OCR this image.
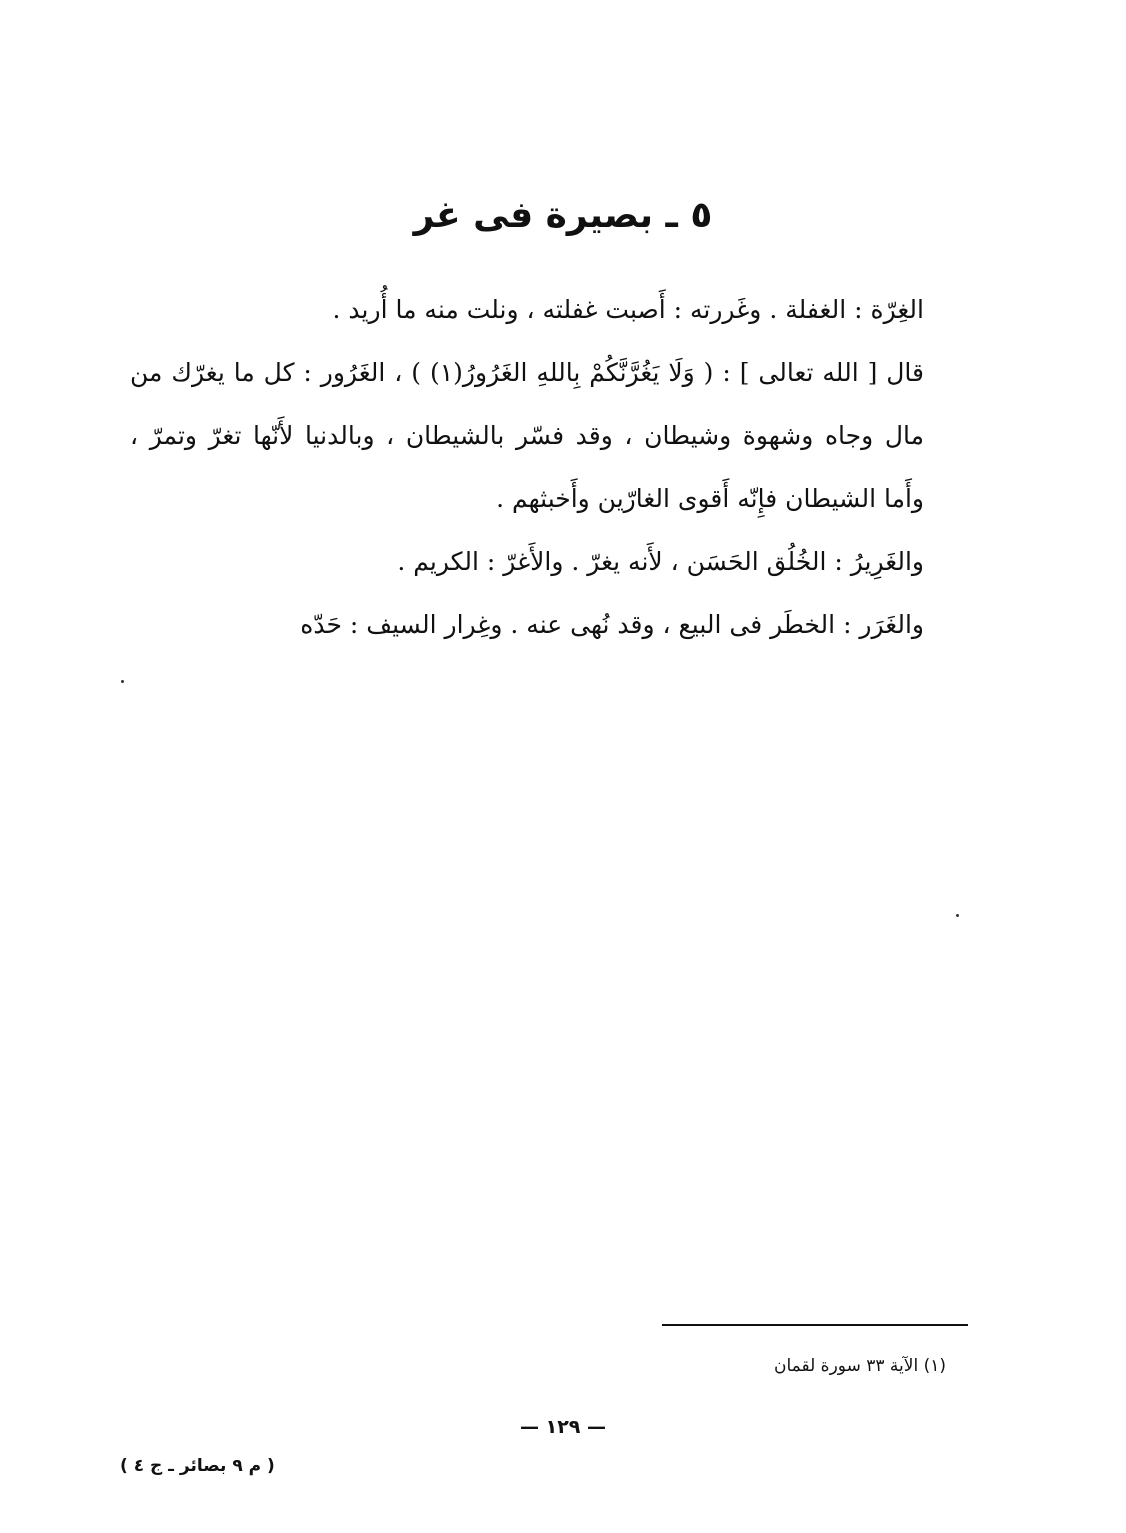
٥ ـ بصيرة فى غر

الغِرّة : الغفلة . وغَررته : أَصبت غفلته ، ونلت منه ما أُريد .

قال [ الله تعالى ] : ( وَلَا يَغُرَّنَّكُمْ بِاللهِ الغَرُورُ(١) ) ، الغَرُور : كل ما يغرّك من مال وجاه وشهوة وشيطان ، وقد فسّر بالشيطان ، وبالدنيا لأَنّها تغرّ وتمرّ ، وأَما الشيطان فإِنّه أَقوى الغارّين وأَخبثهم .

والغَرِيرُ : الخُلُق الحَسَن ، لأَنه يغرّ . والأَغرّ : الكريم .

والغَرَر : الخطَر فى البيع ، وقد نُهى عنه . وغِرار السيف : حَدّه

(١) الآية ٣٣ سورة لقمان
— ١٢٩ —
( م ٩ بصائر ـ ج ٤ )
